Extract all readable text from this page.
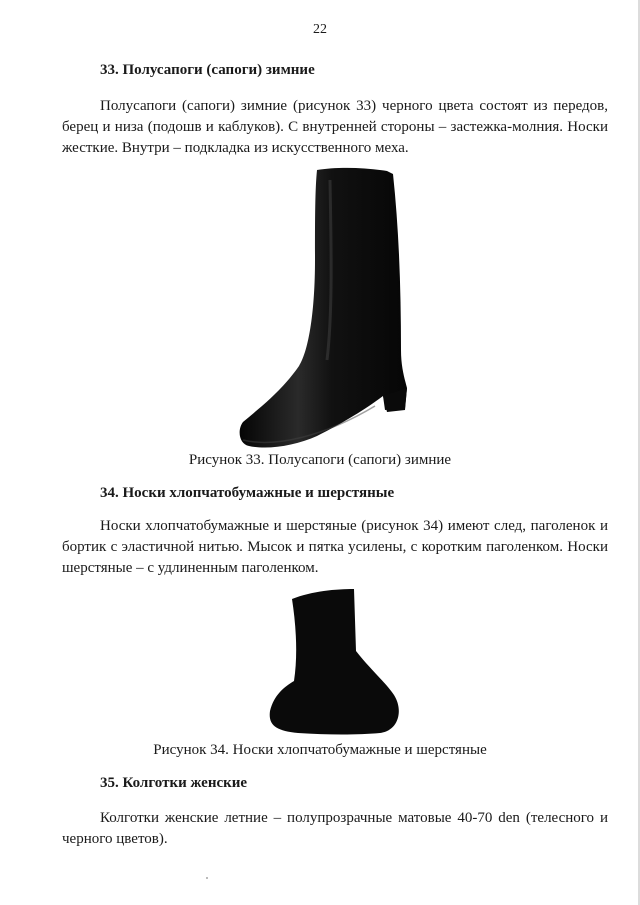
22
33. Полусапоги (сапоги) зимние

Полусапоги (сапоги) зимние (рисунок 33) черного цвета состоят из передов, берец и низа (подошв и каблуков). С внутренней стороны – застежка-молния. Носки жесткие. Внутри – подкладка из искусственного меха.

Рисунок 33. Полусапоги (сапоги) зимние
34. Носки хлопчатобумажные и шерстяные

Носки хлопчатобумажные и шерстяные (рисунок 34) имеют след, паголенок и бортик с эластичной нитью. Мысок и пятка усилены, с коротким паголенком. Носки шерстяные – с удлиненным паголенком.

Рисунок 34. Носки хлопчатобумажные и шерстяные
35. Колготки женские

Колготки женские летние – полупрозрачные матовые 40-70 den (телесного и черного цветов).
